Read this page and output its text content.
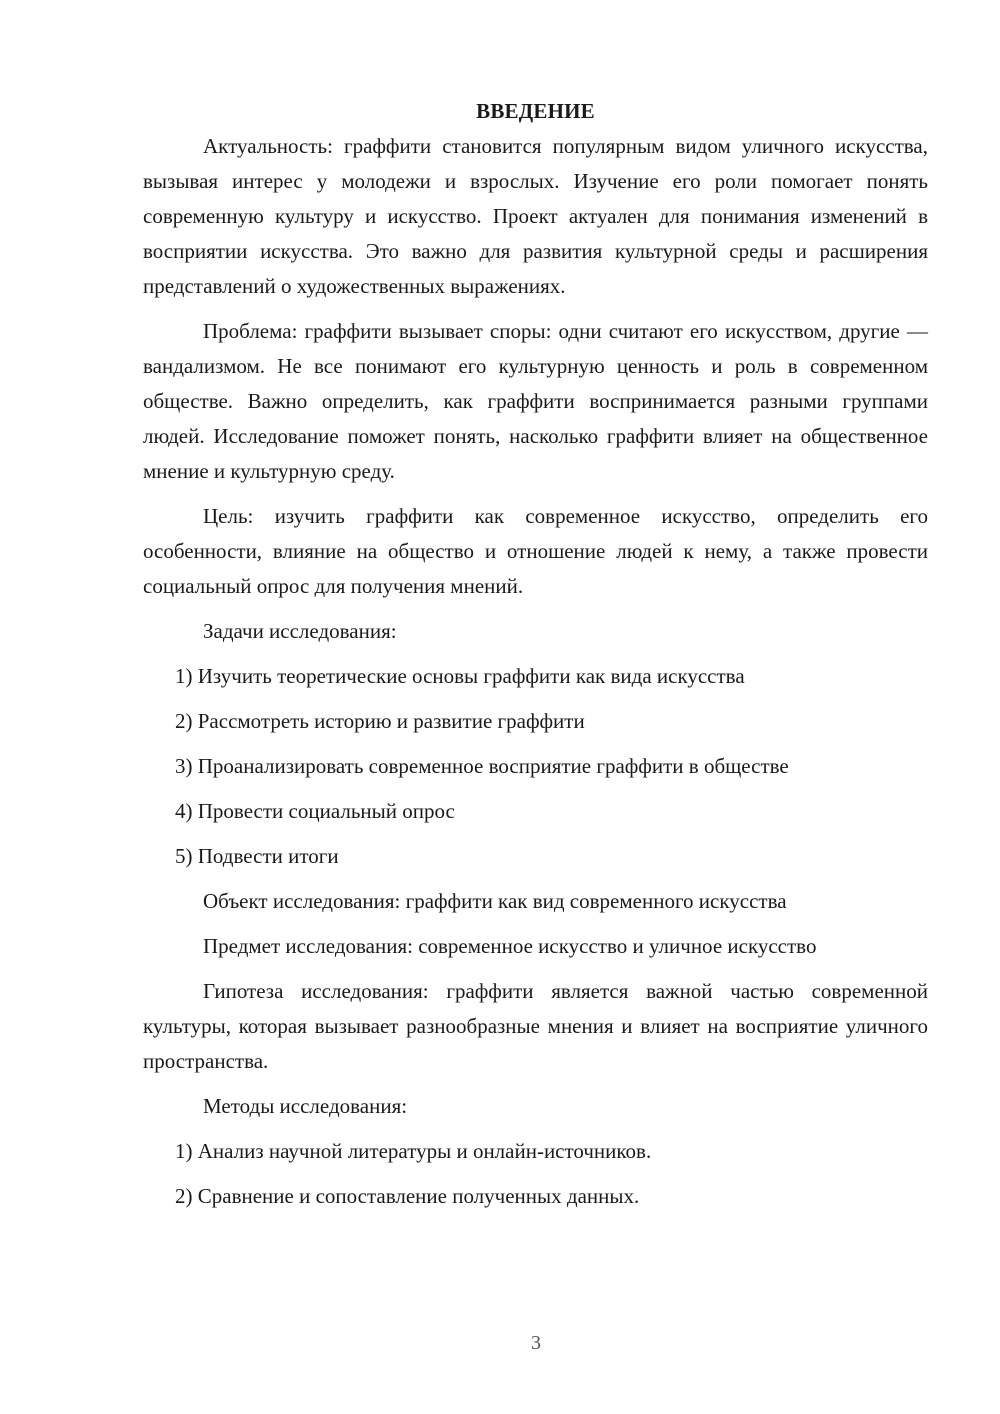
ВВЕДЕНИЕ

Актуальность: граффити становится популярным видом уличного искусства, вызывая интерес у молодежи и взрослых. Изучение его роли помогает понять современную культуру и искусство. Проект актуален для понимания изменений в восприятии искусства. Это важно для развития культурной среды и расширения представлений о художественных выражениях.

Проблема: граффити вызывает споры: одни считают его искусством, другие — вандализмом. Не все понимают его культурную ценность и роль в современном обществе. Важно определить, как граффити воспринимается разными группами людей. Исследование поможет понять, насколько граффити влияет на общественное мнение и культурную среду.

Цель: изучить граффити как современное искусство, определить его особенности, влияние на общество и отношение людей к нему, а также провести социальный опрос для получения мнений.

Задачи исследования:

1) Изучить теоретические основы граффити как вида искусства

2) Рассмотреть историю и развитие граффити

3) Проанализировать современное восприятие граффити в обществе

4) Провести социальный опрос

5) Подвести итоги

Объект исследования: граффити как вид современного искусства

Предмет исследования: современное искусство и уличное искусство

Гипотеза исследования: граффити является важной частью современной культуры, которая вызывает разнообразные мнения и влияет на восприятие уличного пространства.

Методы исследования:

1) Анализ научной литературы и онлайн-источников.

2) Сравнение и сопоставление полученных данных.

3
